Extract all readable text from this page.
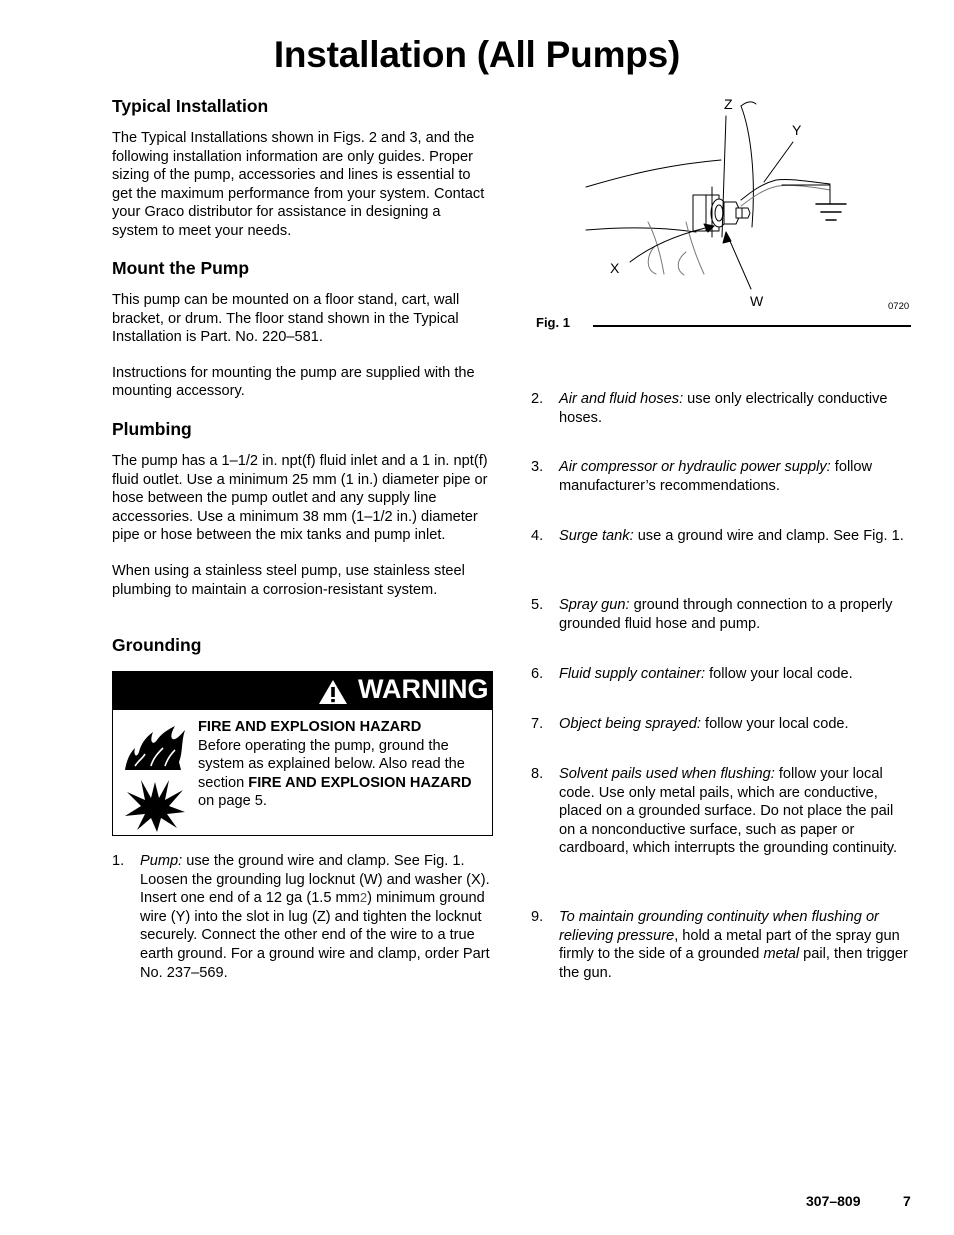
Installation (All Pumps)
Typical Installation

The Typical Installations shown in Figs. 2 and 3, and the following installation information are only guides. Proper sizing of the pump, accessories and lines is essential to get the maximum performance from your system. Contact your Graco distributor for assistance in designing a system to meet your needs.

Mount the Pump

This pump can be mounted on a floor stand, cart, wall bracket, or drum. The floor stand shown in the Typical Installation is Part. No. 220–581.

Instructions for mounting the pump are supplied with the mounting accessory.

Plumbing

The pump has a 1–1/2 in. npt(f) fluid inlet and a 1 in. npt(f) fluid outlet. Use a minimum 25 mm (1 in.) diameter pipe or hose between the pump outlet and any supply line accessories. Use a minimum 38 mm (1–1/2 in.) diameter pipe or hose between the mix tanks and pump inlet.

When using a stainless steel pump, use stainless steel plumbing to maintain a corrosion-resistant system.

Grounding
WARNING
FIRE AND EXPLOSION HAZARD
Before operating the pump, ground the system as explained below. Also read the section FIRE AND EXPLOSION HAZARD on page 5.
1. Pump: use the ground wire and clamp. See Fig. 1. Loosen the grounding lug locknut (W) and washer (X). Insert one end of a 12 ga (1.5 mm2) minimum ground wire (Y) into the slot in lug (Z) and tighten the locknut securely. Connect the other end of the wire to a true earth ground. For a ground wire and clamp, order Part No. 237–569.
Z
Y
X
W	0720
Fig. 1
2. Air and fluid hoses: use only electrically conductive hoses.
3. Air compressor or hydraulic power supply: follow manufacturer’s recommendations.
4. Surge tank: use a ground wire and clamp. See Fig. 1.
5. Spray gun: ground through connection to a properly grounded fluid hose and pump.
6. Fluid supply container: follow your local code.
7. Object being sprayed: follow your local code.
8. Solvent pails used when flushing: follow your local code. Use only metal pails, which are conductive, placed on a grounded surface. Do not place the pail on a nonconductive surface, such as paper or cardboard, which interrupts the grounding continuity.
9. To maintain grounding continuity when flushing or relieving pressure, hold a metal part of the spray gun firmly to the side of a grounded metal pail, then trigger the gun.
307–809	7
